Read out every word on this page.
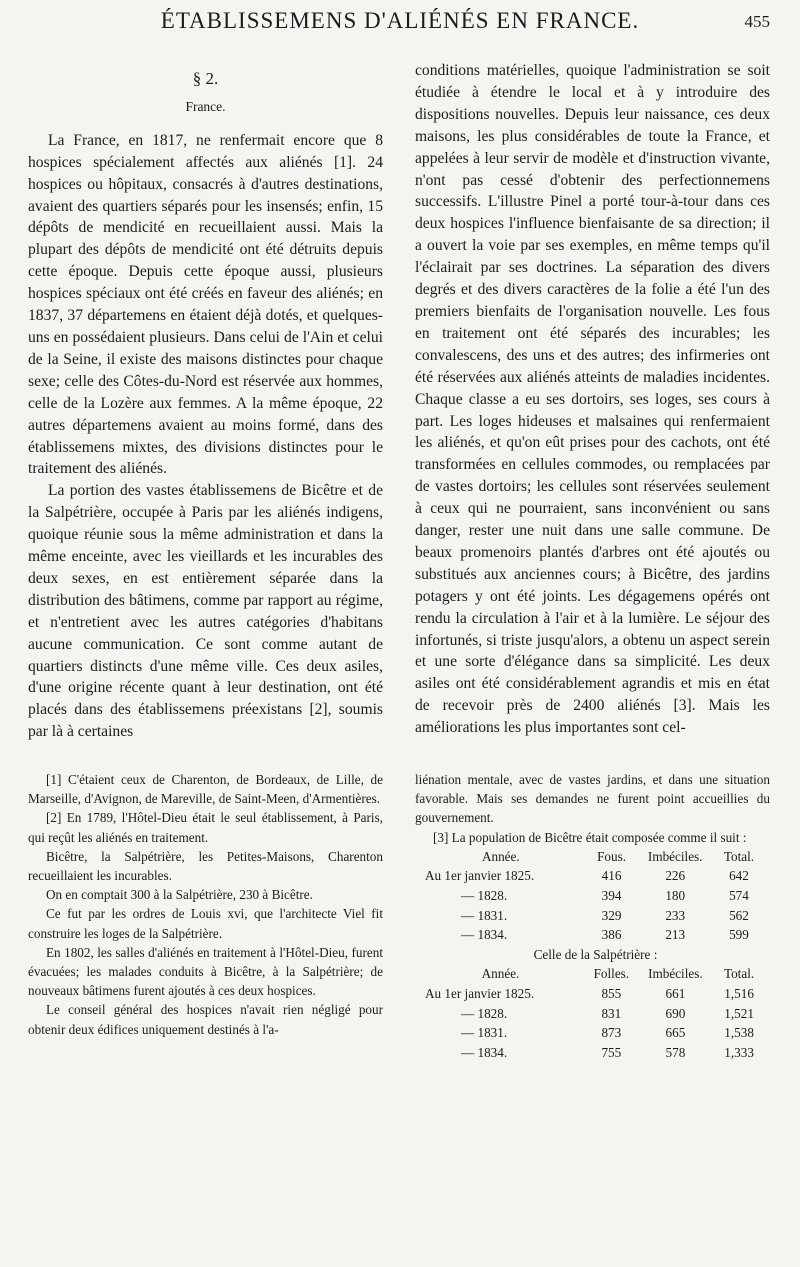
ÉTABLISSEMENS D'ALIÉNÉS EN FRANCE.	455
§ 2.
France.

La France, en 1817, ne renfermait encore que 8 hospices spécialement affectés aux aliénés [1]. 24 hospices ou hôpitaux, consacrés à d'autres destinations, avaient des quartiers séparés pour les insensés; enfin, 15 dépôts de mendicité en recueillaient aussi. Mais la plupart des dépôts de mendicité ont été détruits depuis cette époque. Depuis cette époque aussi, plusieurs hospices spéciaux ont été créés en faveur des aliénés; en 1837, 37 départemens en étaient déjà dotés, et quelques-uns en possédaient plusieurs. Dans celui de l'Ain et celui de la Seine, il existe des maisons distinctes pour chaque sexe; celle des Côtes-du-Nord est réservée aux hommes, celle de la Lozère aux femmes. A la même époque, 22 autres départemens avaient au moins formé, dans des établissemens mixtes, des divisions distinctes pour le traitement des aliénés.

La portion des vastes établissemens de Bicêtre et de la Salpétrière, occupée à Paris par les aliénés indigens, quoique réunie sous la même administration et dans la même enceinte, avec les vieillards et les incurables des deux sexes, en est entièrement séparée dans la distribution des bâtimens, comme par rapport au régime, et n'entretient avec les autres catégories d'habitans aucune communication. Ce sont comme autant de quartiers distincts d'une même ville. Ces deux asiles, d'une origine récente quant à leur destination, ont été placés dans des établissemens préexistans [2], soumis par là à certaines

conditions matérielles, quoique l'administration se soit étudiée à étendre le local et à y introduire des dispositions nouvelles. Depuis leur naissance, ces deux maisons, les plus considérables de toute la France, et appelées à leur servir de modèle et d'instruction vivante, n'ont pas cessé d'obtenir des perfectionnemens successifs. L'illustre Pinel a porté tour-à-tour dans ces deux hospices l'influence bienfaisante de sa direction; il a ouvert la voie par ses exemples, en même temps qu'il l'éclairait par ses doctrines. La séparation des divers degrés et des divers caractères de la folie a été l'un des premiers bienfaits de l'organisation nouvelle. Les fous en traitement ont été séparés des incurables; les convalescens, des uns et des autres; des infirmeries ont été réservées aux aliénés atteints de maladies incidentes. Chaque classe a eu ses dortoirs, ses loges, ses cours à part. Les loges hideuses et malsaines qui renfermaient les aliénés, et qu'on eût prises pour des cachots, ont été transformées en cellules commodes, ou remplacées par de vastes dortoirs; les cellules sont réservées seulement à ceux qui ne pourraient, sans inconvénient ou sans danger, rester une nuit dans une salle commune. De beaux promenoirs plantés d'arbres ont été ajoutés ou substitués aux anciennes cours; à Bicêtre, des jardins potagers y ont été joints. Les dégagemens opérés ont rendu la circulation à l'air et à la lumière. Le séjour des infortunés, si triste jusqu'alors, a obtenu un aspect serein et une sorte d'élégance dans sa simplicité. Les deux asiles ont été considérablement agrandis et mis en état de recevoir près de 2400 aliénés [3]. Mais les améliorations les plus importantes sont cel-

[1] C'étaient ceux de Charenton, de Bordeaux, de Lille, de Marseille, d'Avignon, de Mareville, de Saint-Meen, d'Armentières.

[2] En 1789, l'Hôtel-Dieu était le seul établissement, à Paris, qui reçût les aliénés en traitement.

Bicêtre, la Salpétrière, les Petites-Maisons, Charenton recueillaient les incurables.

On en comptait 300 à la Salpétrière, 230 à Bicêtre.

Ce fut par les ordres de Louis xvi, que l'architecte Viel fit construire les loges de la Salpétrière.

En 1802, les salles d'aliénés en traitement à l'Hôtel-Dieu, furent évacuées; les malades conduits à Bicêtre, à la Salpétrière; de nouveaux bâtimens furent ajoutés à ces deux hospices.

Le conseil général des hospices n'avait rien négligé pour obtenir deux édifices uniquement destinés à l'a-

liénation mentale, avec de vastes jardins, et dans une situation favorable. Mais ses demandes ne furent point accueillies du gouvernement.

[3] La population de Bicêtre était composée comme il suit :

Année.	Fous.	Imbéciles.	Total.
Au 1er janvier 1825.	416	226	642
— 1828.	394	180	574
— 1831.	329	233	562
— 1834.	386	213	599
Celle de la Salpétrière :
Année.	Folles.	Imbéciles.	Total.
Au 1er janvier 1825.	855	661	1,516
— 1828.	831	690	1,521
— 1831.	873	665	1,538
— 1834.	755	578	1,333
